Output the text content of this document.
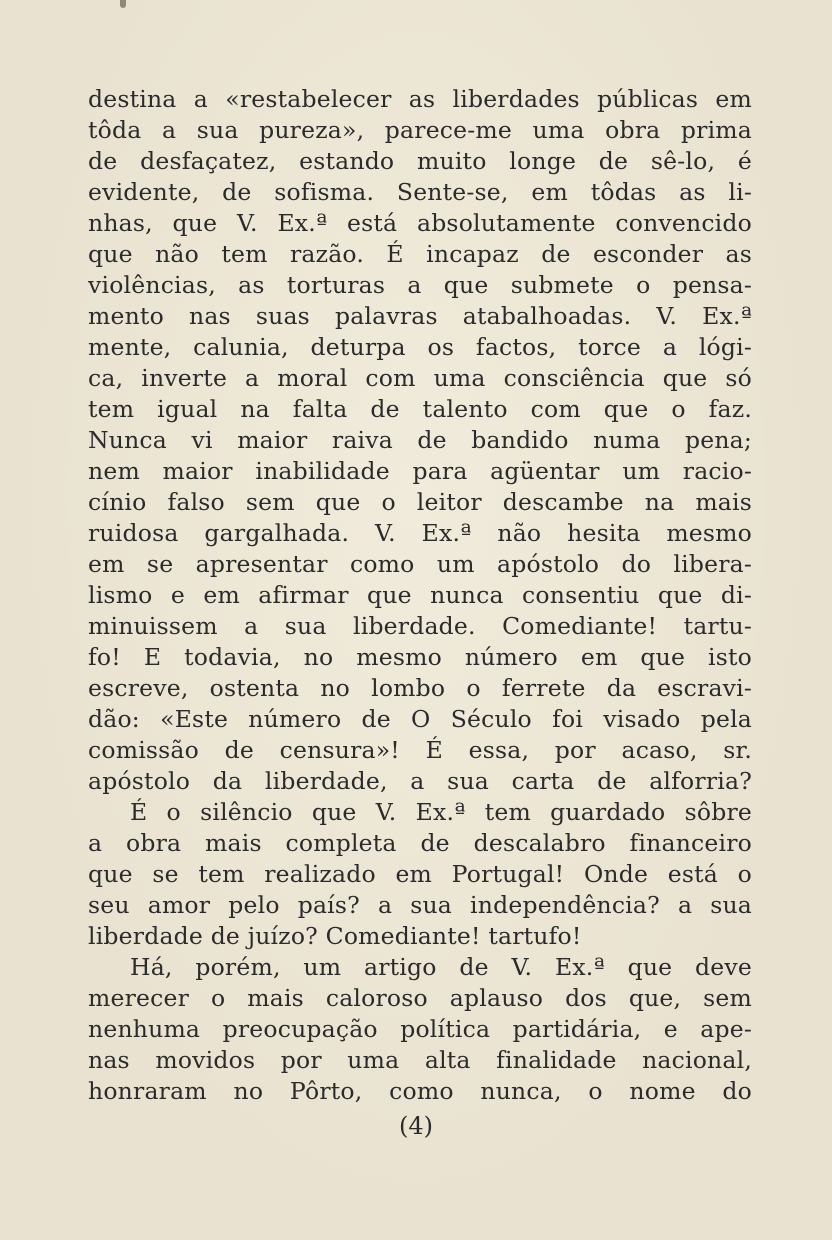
destina a «restabelecer as liberdades públicas em
tôda a sua pureza», parece-me uma obra prima
de desfaçatez, estando muito longe de sê-lo, é
evidente, de sofisma. Sente-se, em tôdas as li-
nhas, que V. Ex.ª está absolutamente convencido
que não tem razão. É incapaz de esconder as
violências, as torturas a que submete o pensa-
mento nas suas palavras atabalhoadas. V. Ex.ª
mente, calunia, deturpa os factos, torce a lógi-
ca, inverte a moral com uma consciência que só
tem igual na falta de talento com que o faz.
Nunca vi maior raiva de bandido numa pena;
nem maior inabilidade para agüentar um racio-
cínio falso sem que o leitor descambe na mais
ruidosa gargalhada. V. Ex.ª não hesita mesmo
em se apresentar como um apóstolo do libera-
lismo e em afirmar que nunca consentiu que di-
minuissem a sua liberdade. Comediante! tartu-
fo! E todavia, no mesmo número em que isto
escreve, ostenta no lombo o ferrete da escravi-
dão: «Este número de O Século foi visado pela
comissão de censura»! É essa, por acaso, sr.
apóstolo da liberdade, a sua carta de alforria?
É o silêncio que V. Ex.ª tem guardado sôbre
a obra mais completa de descalabro financeiro
que se tem realizado em Portugal! Onde está o
seu amor pelo país? a sua independência? a sua
liberdade de juízo? Comediante! tartufo!
Há, porém, um artigo de V. Ex.ª que deve
merecer o mais caloroso aplauso dos que, sem
nenhuma preocupação política partidária, e ape-
nas movidos por uma alta finalidade nacional,
honraram no Pôrto, como nunca, o nome do
(4)
